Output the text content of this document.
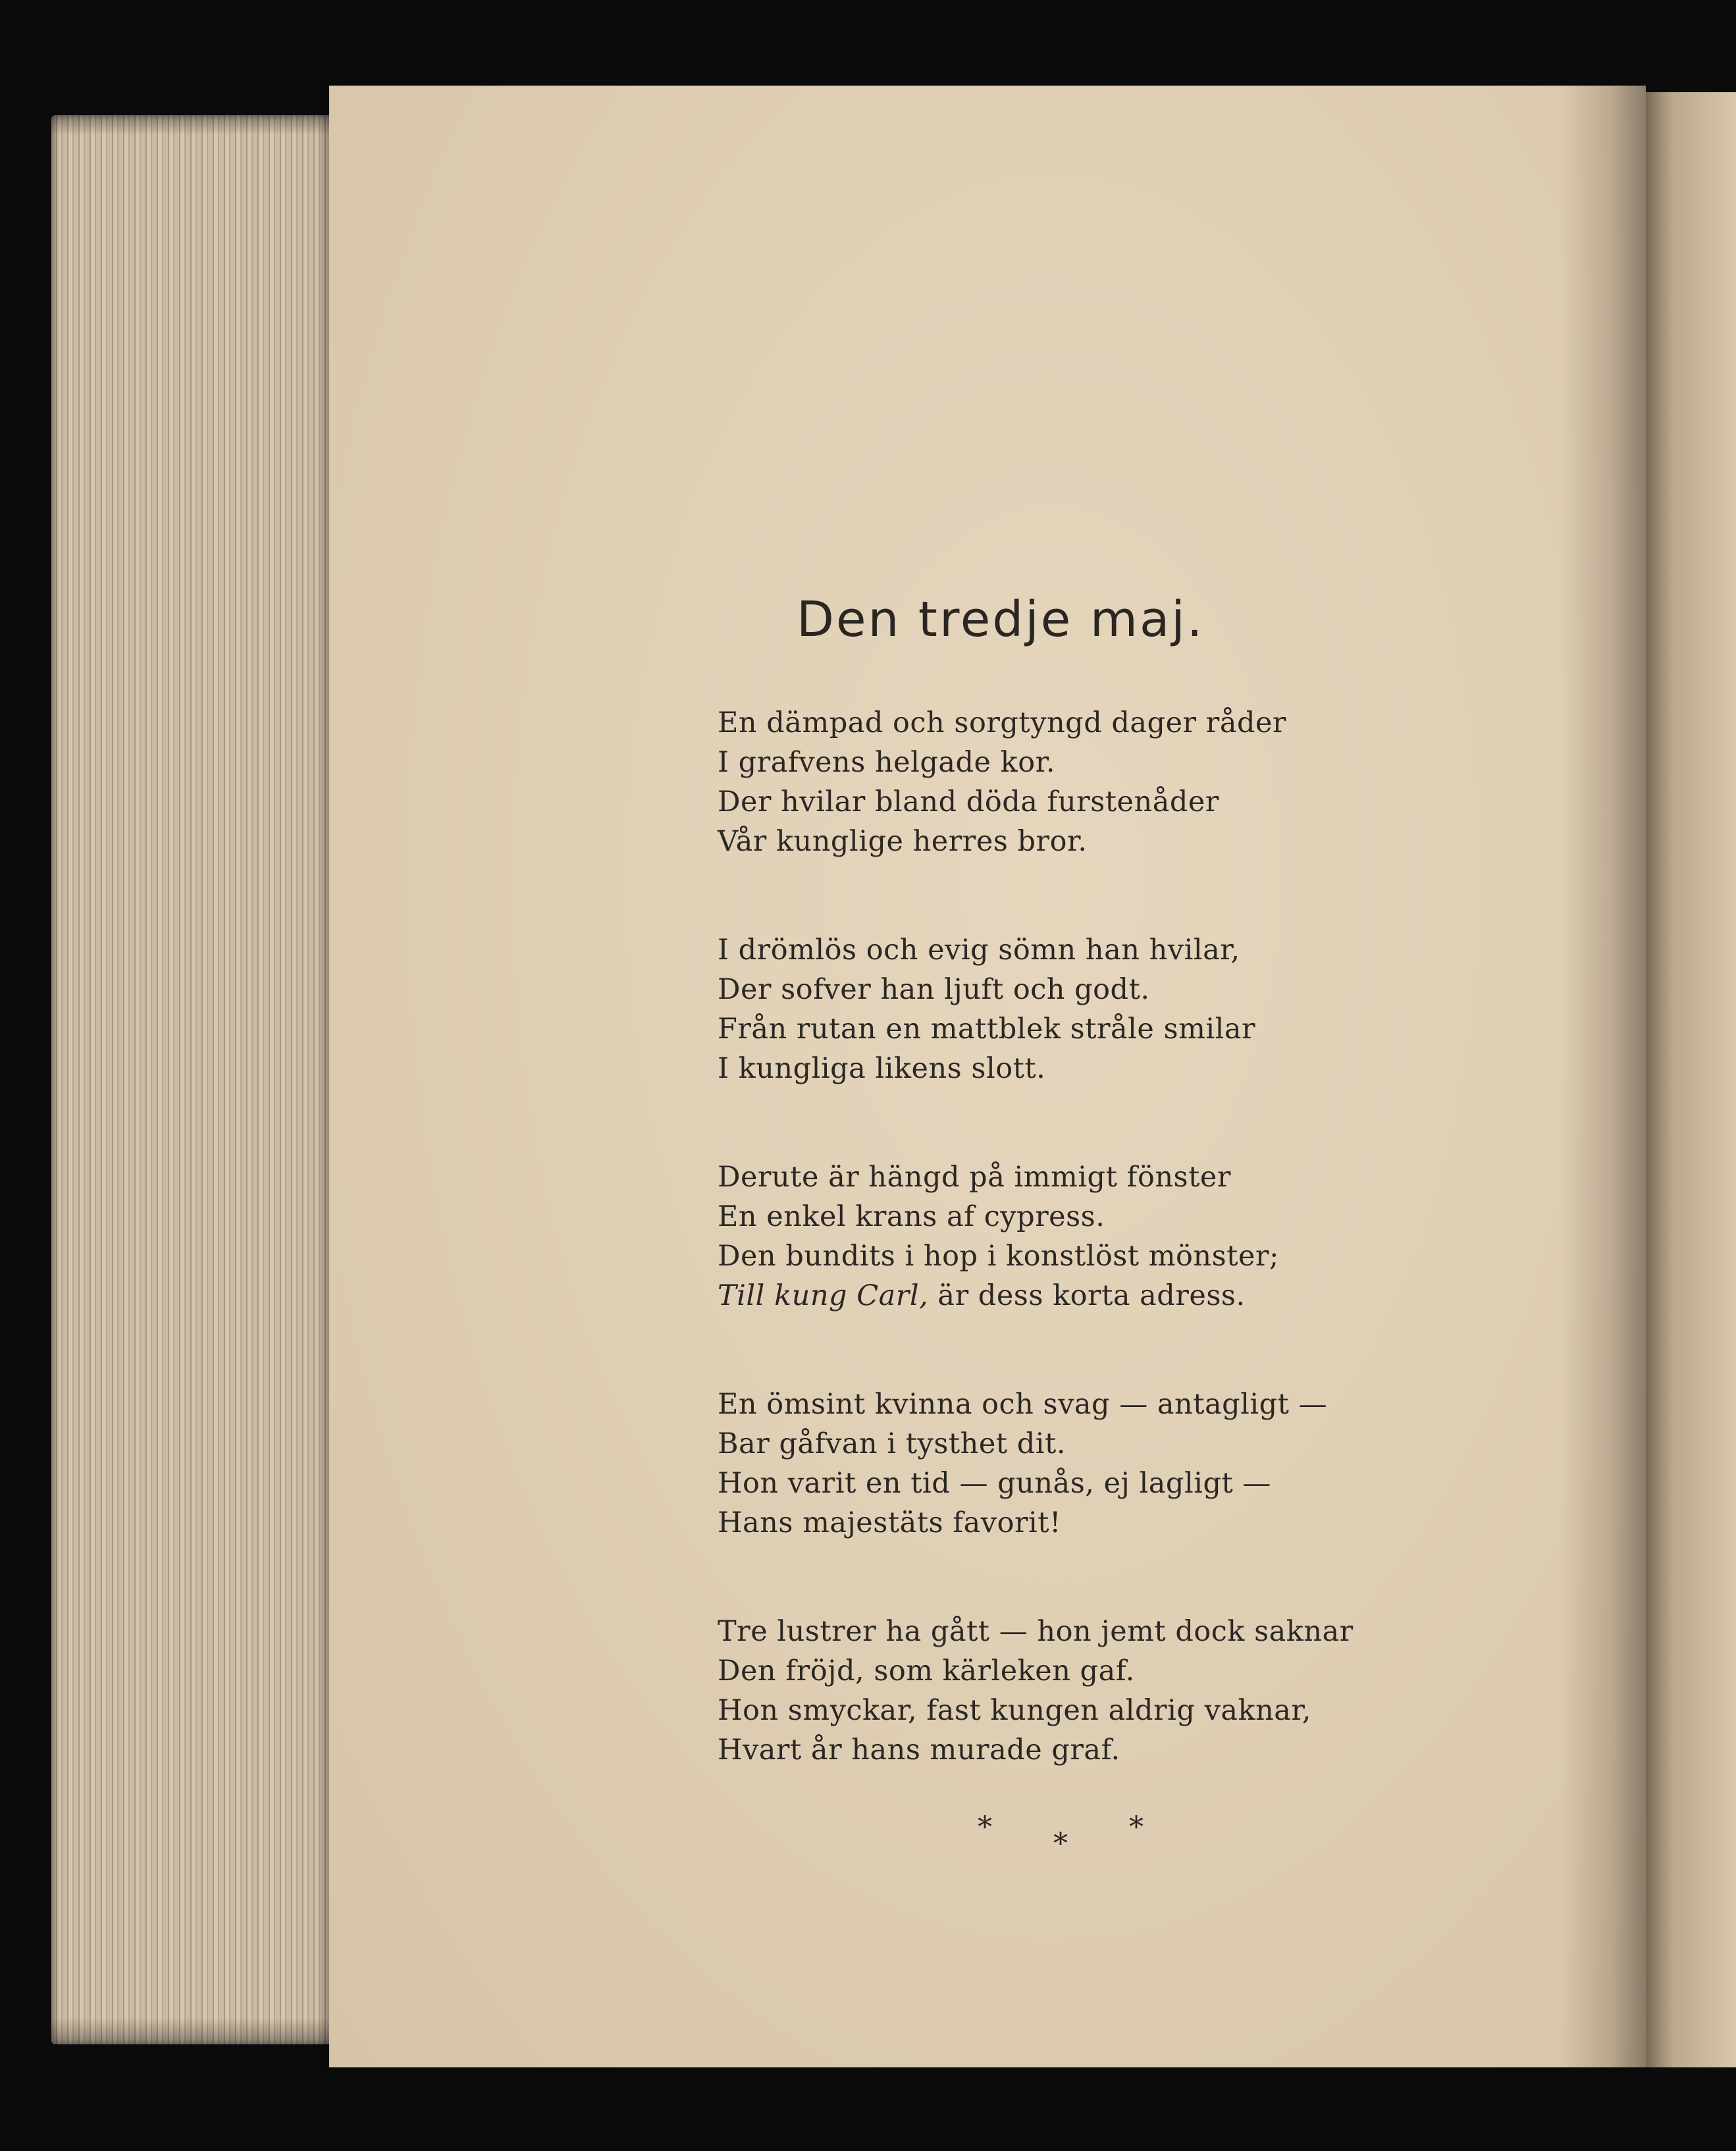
Den tredje maj.
En dämpad och sorgtyngd dager råder
I grafvens helgade kor.
Der hvilar bland döda furstenåder
Vår kunglige herres bror.
I drömlös och evig sömn han hvilar,
Der sofver han ljuft och godt.
Från rutan en mattblek stråle smilar
I kungliga likens slott.
Derute är hängd på immigt fönster
En enkel krans af cypress.
Den bundits i hop i konstlöst mönster;
Till kung Carl, är dess korta adress.
En ömsint kvinna och svag — antagligt —
Bar gåfvan i tysthet dit.
Hon varit en tid — gunås, ej lagligt —
Hans majestäts favorit!
Tre lustrer ha gått — hon jemt dock saknar
Den fröjd, som kärleken gaf.
Hon smyckar, fast kungen aldrig vaknar,
Hvart år hans murade graf.
* * *
